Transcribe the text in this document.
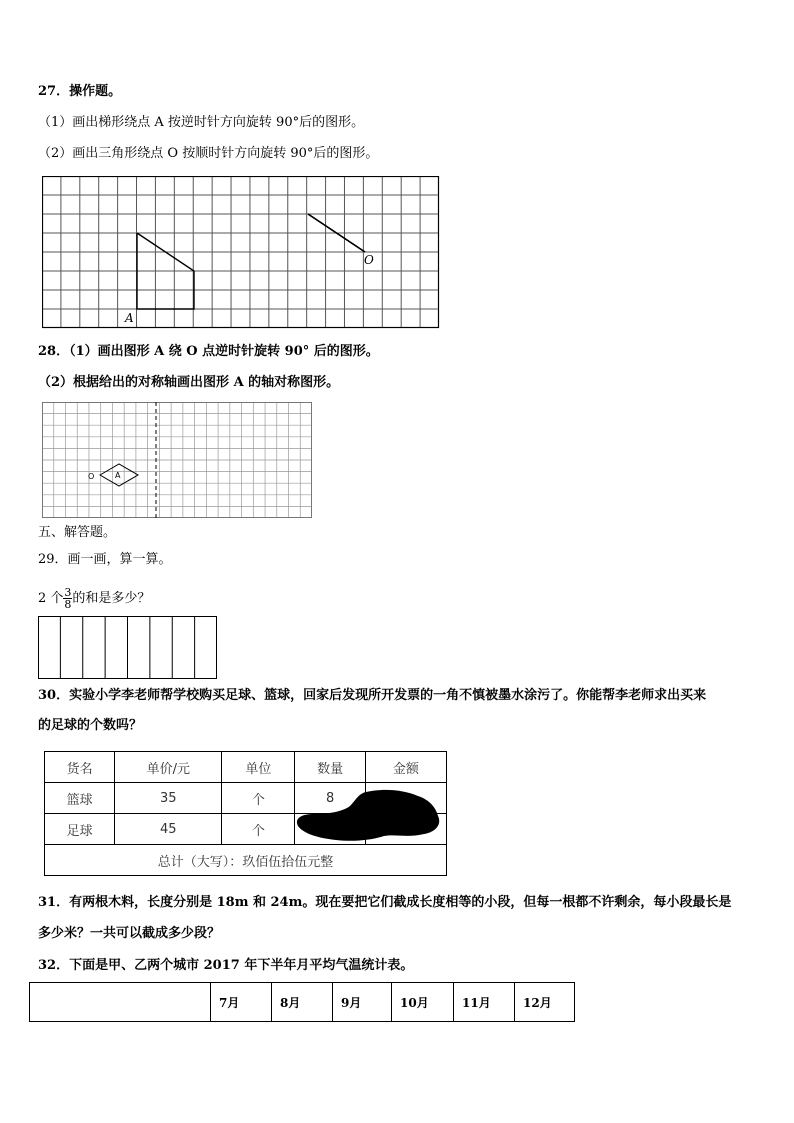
27．操作题。
（1）画出梯形绕点 A 按逆时针方向旋转 90°后的图形。
（2）画出三角形绕点 O 按顺时针方向旋转 90°后的图形。
A
O
28．（1）画出图形 A 绕 O 点逆时针旋转 90° 后的图形。
（2）根据给出的对称轴画出图形 A 的轴对称图形。
O	A
五、解答题。
29．画一画，算一算。
2 个 $\frac{3}{8}$ 的和是多少？
30．实验小学李老师帮学校购买足球、篮球，回家后发现所开发票的一角不慎被墨水涂污了。你能帮李老师求出买来
的足球的个数吗？
货名	单价/元	单位	数量	金额
篮球	35	个	8	
足球	45	个		
总计（大写）：玖佰伍拾伍元整				
31．有两根木料，长度分别是 18m 和 24m。现在要把它们截成长度相等的小段，但每一根都不许剩余，每小段最长是
多少米？一共可以截成多少段？
32．下面是甲、乙两个城市 2017 年下半年月平均气温统计表。
	7月	8月	9月	10月	11月	12月
